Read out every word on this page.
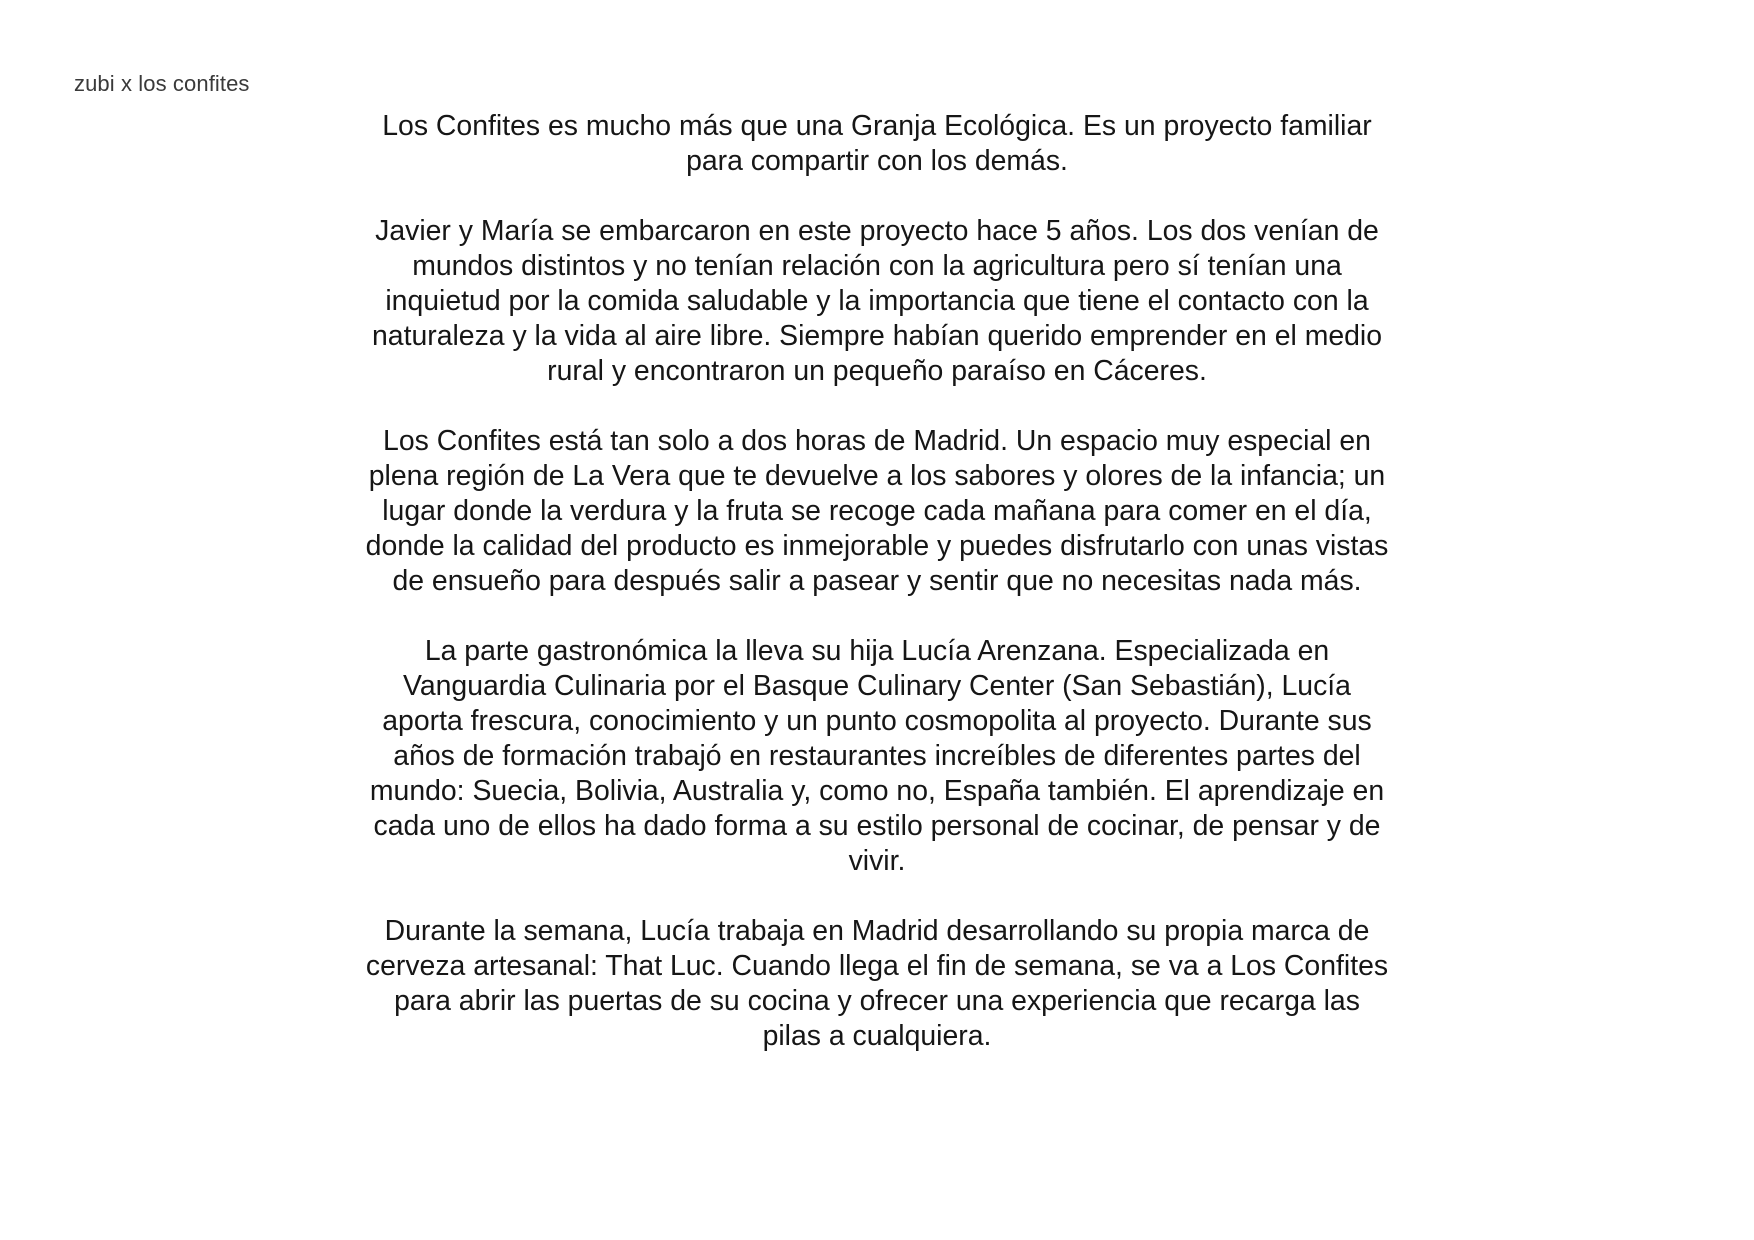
zubi x los confites

Los Confites es mucho más que una Granja Ecológica. Es un proyecto familiar para compartir con los demás.

Javier y María se embarcaron en este proyecto hace 5 años. Los dos venían de mundos distintos y no tenían relación con la agricultura pero sí tenían una inquietud por la comida saludable y la importancia que tiene el contacto con la naturaleza y la vida al aire libre. Siempre habían querido emprender en el medio rural y encontraron un pequeño paraíso en Cáceres.

Los Confites está tan solo a dos horas de Madrid. Un espacio muy especial en plena región de La Vera que te devuelve a los sabores y olores de la infancia; un lugar donde la verdura y la fruta se recoge cada mañana para comer en el día, donde la calidad del producto es inmejorable y puedes disfrutarlo con unas vistas de ensueño para después salir a pasear y sentir que no necesitas nada más.

La parte gastronómica la lleva su hija Lucía Arenzana. Especializada en Vanguardia Culinaria por el Basque Culinary Center (San Sebastián), Lucía aporta frescura, conocimiento y un punto cosmopolita al proyecto. Durante sus años de formación trabajó en restaurantes increíbles de diferentes partes del mundo: Suecia, Bolivia, Australia y, como no, España también. El aprendizaje en cada uno de ellos ha dado forma a su estilo personal de cocinar, de pensar y de vivir.

Durante la semana, Lucía trabaja en Madrid desarrollando su propia marca de cerveza artesanal: That Luc. Cuando llega el fin de semana, se va a Los Confites para abrir las puertas de su cocina y ofrecer una experiencia que recarga las pilas a cualquiera.
